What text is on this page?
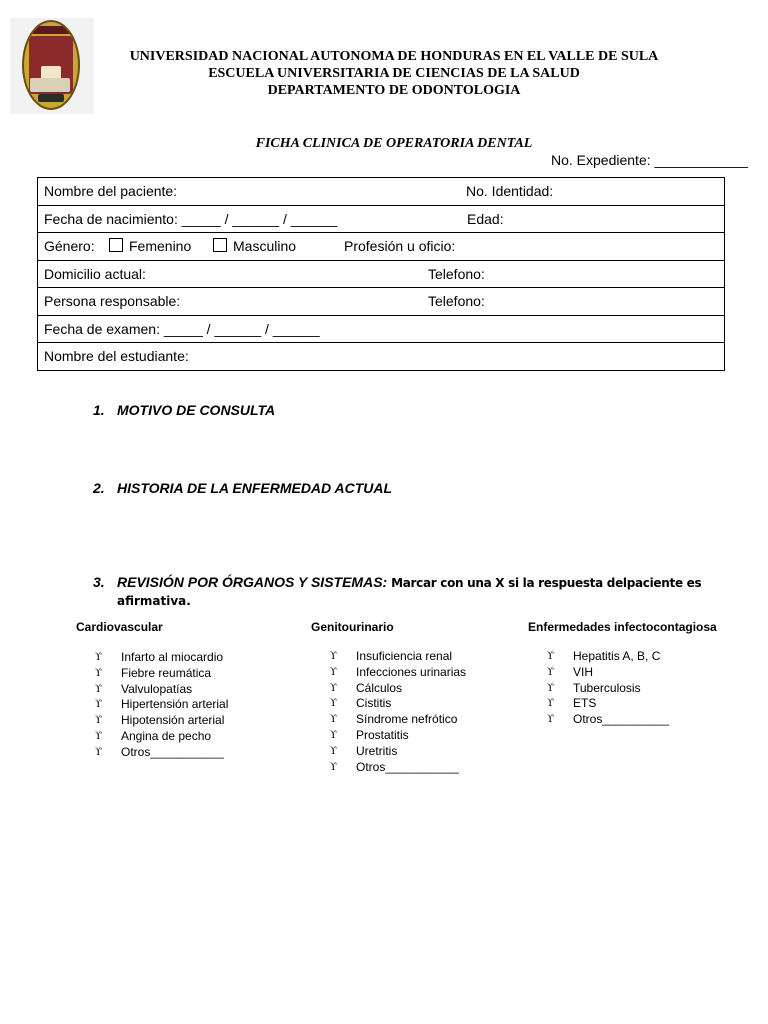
UNIVERSIDAD NACIONAL AUTONOMA DE HONDURAS EN EL VALLE DE SULA
ESCUELA UNIVERSITARIA DE CIENCIAS DE LA SALUD
DEPARTAMENTO DE ODONTOLOGIA
FICHA CLINICA DE OPERATORIA DENTAL
No. Expediente: ____________
Nombre del paciente:	No. Identidad:
Fecha de nacimiento: _____ / ______ / ______	Edad:
Género:	Femenino	Masculino	Profesión u oficio:
Domicilio actual:	Telefono:
Persona responsable:	Telefono:
Fecha de examen: _____ / ______ / ______
Nombre del estudiante:
1. MOTIVO DE CONSULTA
2. HISTORIA DE LA ENFERMEDAD ACTUAL
3. REVISIÓN POR ÓRGANOS Y SISTEMAS: Marcar con una X si la respuesta delpaciente es
afirmativa.
Cardiovascular	Genitourinario	Enfermedades infectocontagiosa
ϒ Infarto al miocardio
ϒ Fiebre reumática
ϒ Valvulopatías
ϒ Hipertensión arterial
ϒ Hipotensión arterial
ϒ Angina de pecho
ϒ Otros___________
ϒ Insuficiencia renal
ϒ Infecciones urinarias
ϒ Cálculos
ϒ Cistitis
ϒ Síndrome nefrótico
ϒ Prostatitis
ϒ Uretritis
ϒ Otros___________
ϒ Hepatitis A, B, C
ϒ VIH
ϒ Tuberculosis
ϒ ETS
ϒ Otros__________
